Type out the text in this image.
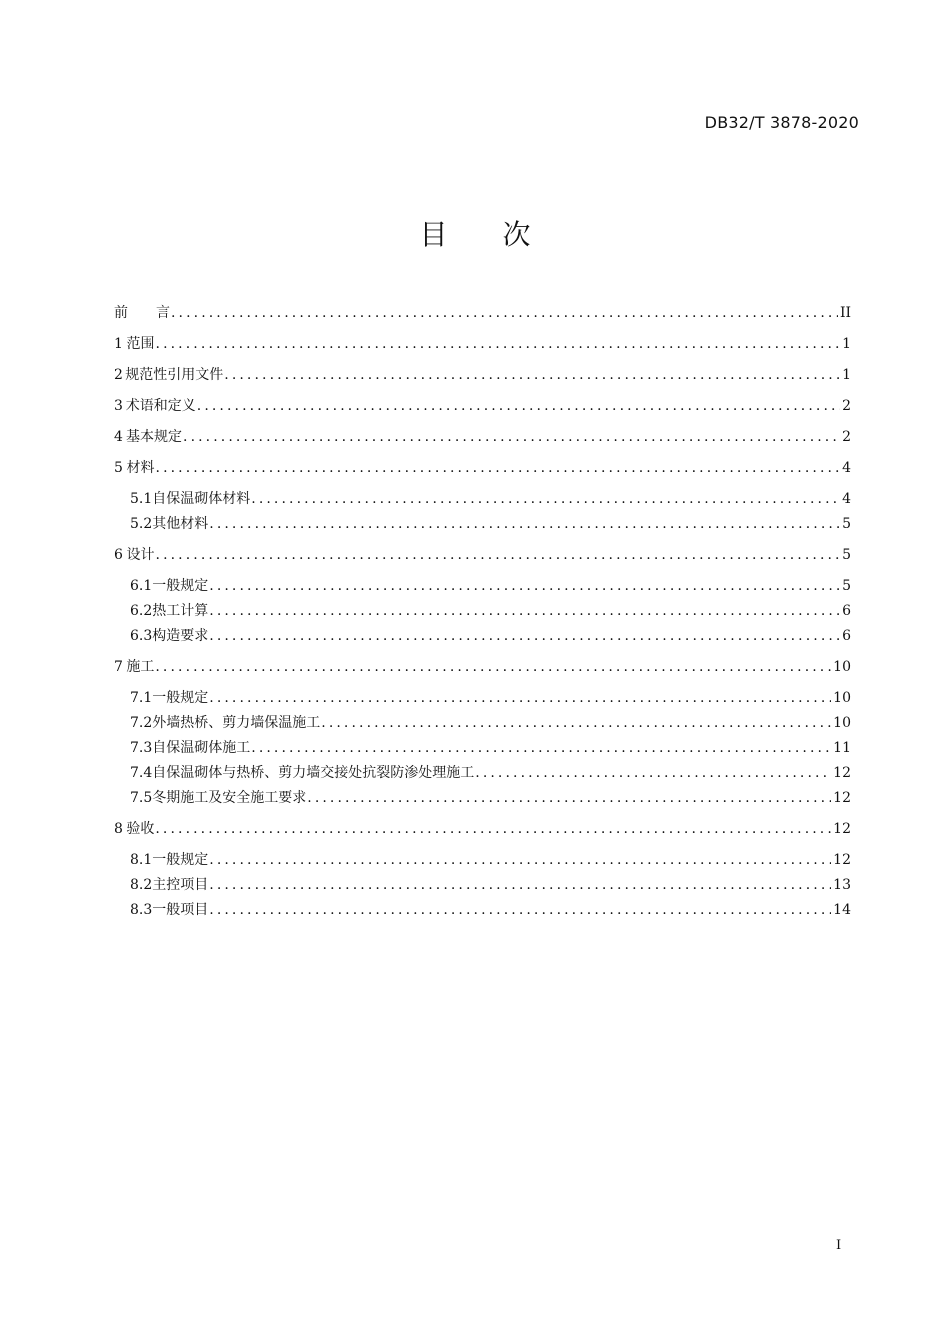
DB32/T 3878-2020
目 次
前　　言 .....	II
1 范围 .....	1
2 规范性引用文件 .....	1
3 术语和定义 .....	2
4 基本规定 .....	2
5 材料 .....	4
5.1 自保温砌体材料 .....	4
5.2 其他材料 .....	5
6 设计 .....	5
6.1 一般规定 .....	5
6.2 热工计算 .....	6
6.3 构造要求 .....	6
7 施工 .....	10
7.1 一般规定 .....	10
7.2 外墙热桥、剪力墙保温施工 .....	10
7.3 自保温砌体施工 .....	11
7.4 自保温砌体与热桥、剪力墙交接处抗裂防渗处理施工 .....	12
7.5 冬期施工及安全施工要求 .....	12
8 验收 .....	12
8.1 一般规定 .....	12
8.2 主控项目 .....	13
8.3 一般项目 .....	14
I
